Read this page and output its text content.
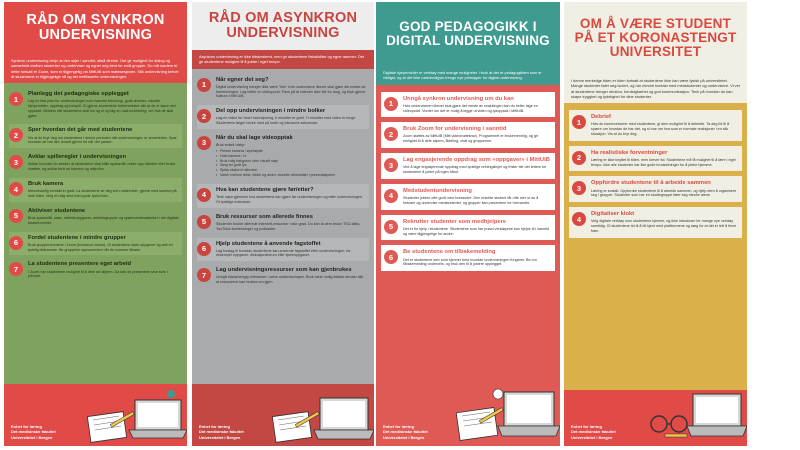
RÅD OM SYNKRON UNDERVISNING
Synkron undervisning betyr at den skjer i sanntid, altså direkte. Det gir mulighet for dialog og samarbeid mellom studenter og underviser og egner seg best for små grupper. Du må vurdere til dette fortsatt er Zoom, som er tilgjengelig via MittUiB som møtesesjonen. Slik undervisning krever at studentene er tilgjengelige nå og det nettbaserte undervisningen.
1
Planlegg det pedagogiske opplegget
Lag en fast plan for undervisningen som ivaretar teknologi, gode øvelser, visuelle hjelpemidler, oppdrag og innspill. Gi gjerne studentene forberedelser slik at de er klare ved oppstart. Bestem når studentene skal inn og ut og lag en rask innledning, om hva de skal gjøre.
2
Sper hvordan det går med studentene
Vis at du bryr deg om studentene i denne perioden når undervisningen er annerledes. Spør hvordan de har det. Avsett gjerne tid når det passer.
3
Avklar spilleregler i undervisningen
Avklar hvordan du ønsker at studentene skal stille spørsmål, rekke opp hånden eller bruke chatten, og avklar bruk av kamera og mikrofon.
4
Bruk kamera
Menneskelig kontakt er godt. La studentene se deg som underviser, gjerne med kamera på hele tiden. Velg et rolig sted med gode lysforhold.
5
Aktiviser studentene
Bruk spørsmål, case, arbeidsoppgaver, arbeidsgrupper og spørreundersøkelser i det digitale klasserommet.
6
Fordel studentene i mindre grupper
Bruk grupperommene i Zoom (breakout rooms). Gi studentene klare oppgaver og sett en tydelig tidsramme. Be gruppene oppsummere når de kommer tilbake.
7
La studentene presentere eget arbeid
I Zoom har studentene mulighet til å dele sin skjerm. Da kan de presentere sine svar i plenum.
Enhet for læring
Det medisinske fakultet
Universitetet i Bergen
RÅD OM ASYNKRON UNDERVISNING
Asynkron undervisning er ikke tidsbestemt, men gir studentene fleksibilitet og egne rammer. Det gir studentene mulighet til å jobbe i eget tempo.
1
Når egner det seg?
Digital undervisning trenger ikke være "live" hvis undervisere likevel skal gjøre det meste av forelesningen. Lag heller en videopodd. Pass på at videoen ikke blir for lang, og bruk gjerne Kaltura i Mitt UiB.
2
Del opp undervisningen i mindre bolker
Lag en video for hvert hovedpoeng, ti minutter er greit. Ti minutter med video er lenge. Studentene følger bedre med på korte og fokuserte sekvenser.
3
Når du skal lage videopptak
Bruk enkelt utstyr:
• Pleiser kamera i øyehøyde
• Hold kamera i ro
• Bruk rolig bakgrunn uten visuell støy
• Sørg for godt lys
• Sjekk eksternt mikrofon
• Varier mellom tekst, bilder og andre visuelle virkemidler i presentasjonen
4
Hva kan studentene gjøre før/etter?
Tenk nøye gjennom hva studentene kan gjøre før undervisningen og etter undervisningen. Gi tydelige instrukser.
5
Bruk ressurser som allerede finnes
Studenter bruker allerede internett-ressurser i stor grad. Du kan la dem bruke TED-talks, YouTube-forelesninger og podkaster.
6
Hjelp studentene å anvende fagstoffet
Lag forslag til hvordan studentene kan anvende fagstoffet etter undervisningen, for eksempel oppgaver, diskusjonsforum eller kjøreoppgaver.
7
Lag undervisningsressurser som kan gjenbrukes
Unngå tidsavhengig referanser i selve undervisningen. Bruk mest mulig tidløse temaer slik at ressursene kan brukes om igjen.
Enhet for læring
Det medisinske fakultet
Universitetet i Bergen
GOD PEDAGOGIKK I DIGITAL UNDERVISNING
Digitale hjelpemidler er verktøy med mange muligheter. Husk at det er pedagogikken som er viktigst, og at det ikke nødvendigvis trengs nye prinsipper for digital undervisning.
1
Unngå synkron undervisning om du kan
Hvis underviseren likevel skal gjøre det meste av snakkingen kan du heller lage en videopodd. Vurder om det er mulig å legge ut video og lydopptak i MittUiB.
2
Bruk Zoom for undervisning i sanntid
Zoom støttes av MittUiB (Mitt videomøtekrav). Programmet er brukervennlig, og gir mulighet til å dele skjerm, fildeling, chat og grupperom.
3
Lag engasjerende oppdrag som «oppgaver» i MittUiB
Ved å lage engasjerende oppdrag med tydelige retningslinjer og frister blir det lettere for studentene å jobbe på egen hånd.
4
Medstudentundervisning
Studenter jobber ofte godt med hverandre. Den enkelte student får ofte mer ut av å forklare og undervise medstudenter, og grupper kan presentere for hverandre.
5
Rekrutter studenter som medhjelpere
Det er fin hjelp i studentene. Studentene som har prøvd verktøyene kan hjelpe til i sanntid og være tilgjengelige for andre.
6
Be studentene om tilbakemelding
Det er studentene selv som kjenner best hvordan undervisningen fungerer. Be om tilbakemelding underveis, og bruk den til å justere opplegget.
Enhet for læring
Det medisinske fakultet
Universitetet i Bergen
OM Å VÆRE STUDENT PÅ ET KORONASTENGT UNIVERSITET
I denne merkelige tiden er tiden fortsatt at studentene ikke kan være fysisk på universitetet. Mange studenter føler seg isolert, og har mindre kontakt med medstudenter og undervisere. Vi vet at studentene trenger struktur, forutsigbarhet og god kommunikasjon. Tenk på hvordan du kan skape trygghet og tydelighet for dine studenter.
1
Debrief
Hvis du kommuniserer med studentene, gi dem mulighet til å debriefe. Ta deg tid til å spørre om hvordan de har det, og si noe om hva som er normale reaksjoner i en slik situasjon. Vis at du bryr deg.
2
Ha realistiske forventninger
Læring er ikke knyttet til tiden, men krever tid. Studentene må få mulighet til å lære i eget tempo. Ikke alle studenter har like gode forutsetninger for å jobbe hjemme.
3
Oppfordre studentene til å arbeide sammen
Læring er sosialt. Oppfordre studentene til å arbeide sammen, og hjelp dem å organisere seg i grupper. Studenter som har en studiegruppe føler seg mindre alene.
4
Digitaliser klokt
Velg digitale verktøy som studentene kjenner, og ikke introduser for mange nye verktøy samtidig. Gi studentene tid til å bli kjent med plattformene og sørg for at det er lett å finne fram.
Enhet for læring
Det medisinske fakultet
Universitetet i Bergen
